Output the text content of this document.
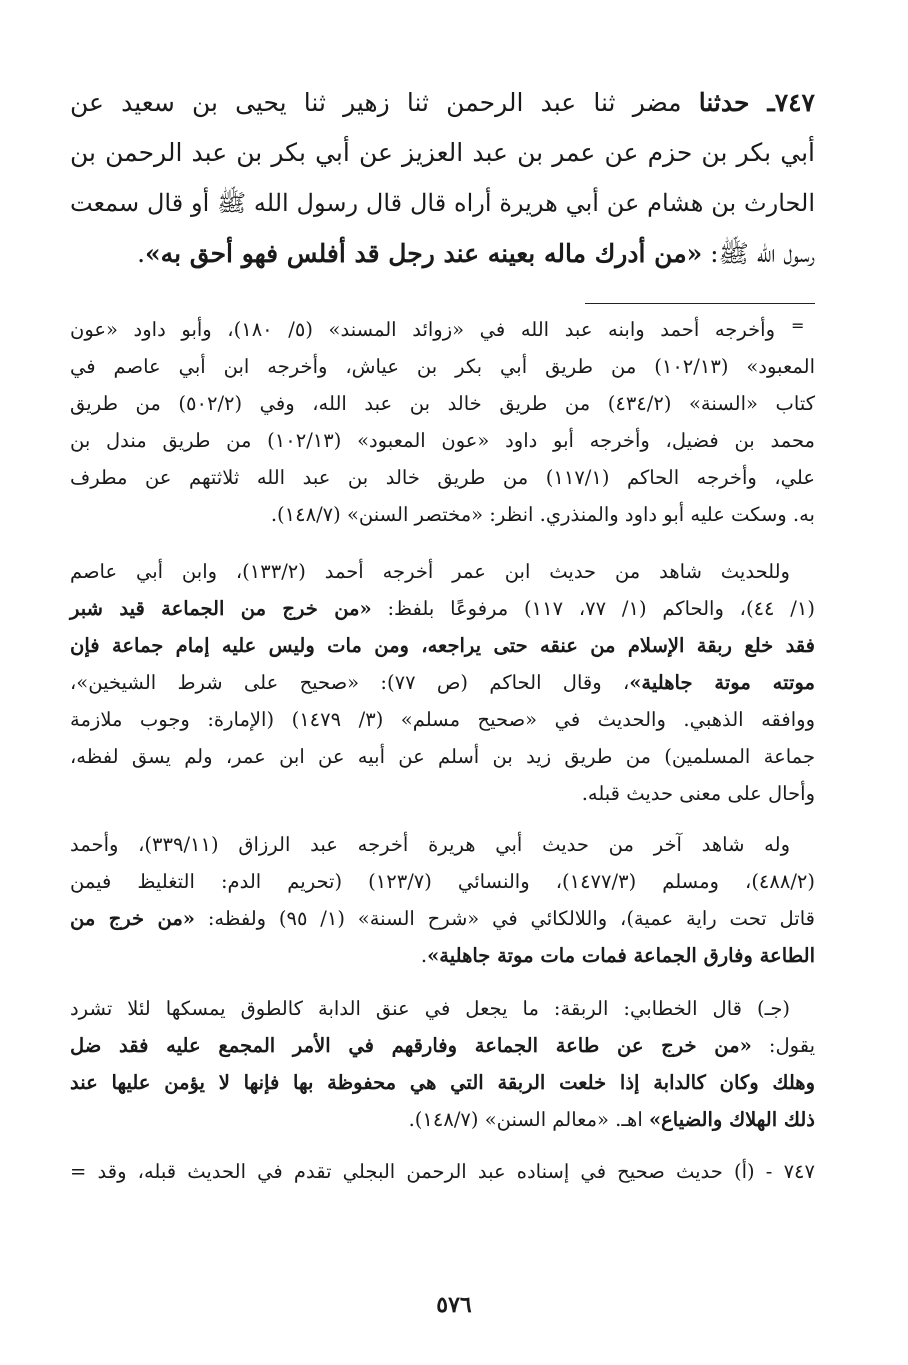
٧٤٧ـ حدثنا مضر ثنا عبد الرحمن ثنا زهير ثنا يحيى بن سعيد عن
أبي بكر بن حزم عن عمر بن عبد العزيز عن أبي بكر بن عبد الرحمن بن
الحارث بن هشام عن أبي هريرة أراه قال قال رسول الله ﷺ أو قال سمعت
رسول الله ﷺ: «من أدرك ماله بعينه عند رجل قد أفلس فهو أحق به».
=
وأخرجه أحمد وابنه عبد الله في «زوائد المسند» (٥/ ١٨٠)، وأبو داود «عون
المعبود» (١٠٢/١٣) من طريق أبي بكر بن عياش، وأخرجه ابن أبي عاصم في
كتاب «السنة» (٤٣٤/٢) من طريق خالد بن عبد الله، وفي (٥٠٢/٢) من طريق
محمد بن فضيل، وأخرجه أبو داود «عون المعبود» (١٠٢/١٣) من طريق مندل بن
علي، وأخرجه الحاكم (١١٧/١) من طريق خالد بن عبد الله ثلاثتهم عن مطرف
به. وسكت عليه أبو داود والمنذري. انظر: «مختصر السنن» (١٤٨/٧).
وللحديث شاهد من حديث ابن عمر أخرجه أحمد (١٣٣/٢)، وابن أبي عاصم
(١/ ٤٤)، والحاكم (١/ ٧٧، ١١٧) مرفوعًا بلفظ: «من خرج من الجماعة قيد شبر
فقد خلع ربقة الإسلام من عنقه حتى يراجعه، ومن مات وليس عليه إمام جماعة فإن
موتته موتة جاهلية»، وقال الحاكم (ص ٧٧): «صحيح على شرط الشيخين»،
ووافقه الذهبي. والحديث في «صحيح مسلم» (٣/ ١٤٧٩) (الإمارة: وجوب ملازمة
جماعة المسلمين) من طريق زيد بن أسلم عن أبيه عن ابن عمر، ولم يسق لفظه،
وأحال على معنى حديث قبله.
وله شاهد آخر من حديث أبي هريرة أخرجه عبد الرزاق (٣٣٩/١١)، وأحمد
(٤٨٨/٢)، ومسلم (١٤٧٧/٣)، والنسائي (١٢٣/٧) (تحريم الدم: التغليظ فيمن
قاتل تحت راية عمية)، واللالكائي في «شرح السنة» (١/ ٩٥) ولفظه: «من خرج من
الطاعة وفارق الجماعة فمات مات موتة جاهلية».
(جـ) قال الخطابي: الربقة: ما يجعل في عنق الدابة كالطوق يمسكها لئلا تشرد
يقول: «من خرج عن طاعة الجماعة وفارقهم في الأمر المجمع عليه فقد ضل
وهلك وكان كالدابة إذا خلعت الربقة التي هي محفوظة بها فإنها لا يؤمن عليها عند
ذلك الهلاك والضياع» اهـ. «معالم السنن» (١٤٨/٧).
٧٤٧ - (أ) حديث صحيح في إسناده عبد الرحمن البجلي تقدم في الحديث قبله، وقد =
٥٧٦
